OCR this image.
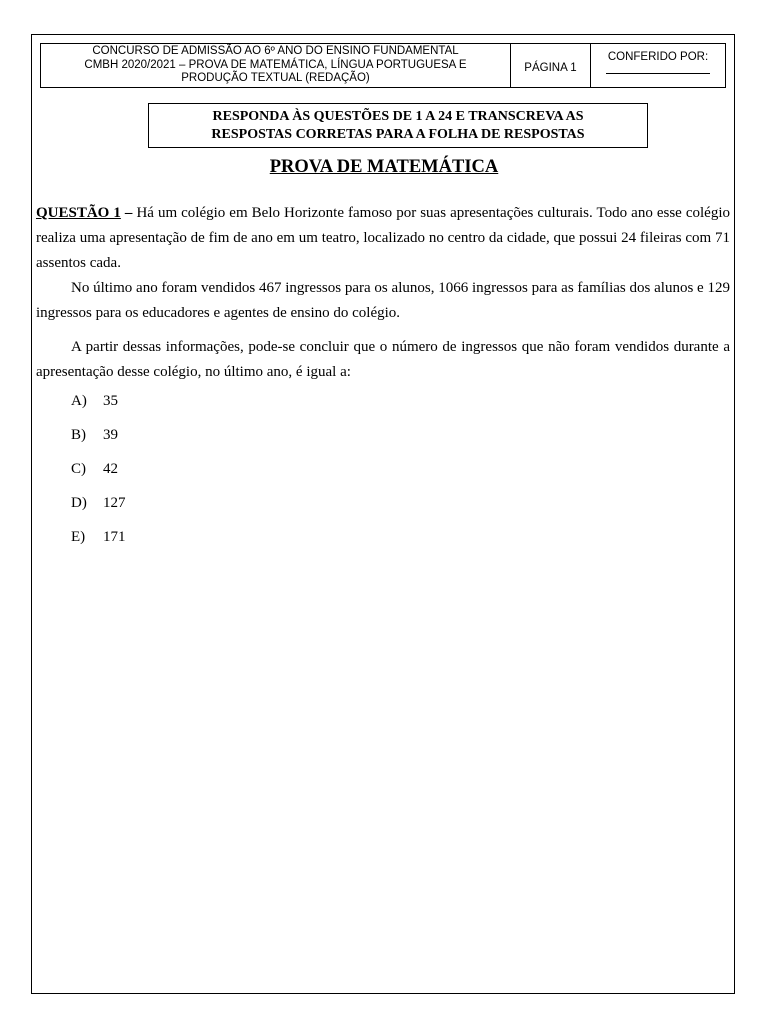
CONCURSO DE ADMISSÃO AO 6º ANO DO ENSINO FUNDAMENTAL
CMBH 2020/2021 – PROVA DE MATEMÁTICA, LÍNGUA PORTUGUESA E
PRODUÇÃO TEXTUAL (REDAÇÃO)
PÁGINA 1
CONFERIDO POR:
RESPONDA ÀS QUESTÕES DE 1 A 24 E TRANSCREVA AS
RESPOSTAS CORRETAS PARA A FOLHA DE RESPOSTAS
PROVA DE MATEMÁTICA

QUESTÃO 1 – Há um colégio em Belo Horizonte famoso por suas apresentações culturais. Todo ano esse colégio realiza uma apresentação de fim de ano em um teatro, localizado no centro da cidade, que possui 24 fileiras com 71 assentos cada.

No último ano foram vendidos 467 ingressos para os alunos, 1066 ingressos para as famílias dos alunos e 129 ingressos para os educadores e agentes de ensino do colégio.

A partir dessas informações, pode-se concluir que o número de ingressos que não foram vendidos durante a apresentação desse colégio, no último ano, é igual a:

A)	35
B)	39
C)	42
D)	127
E)	171
